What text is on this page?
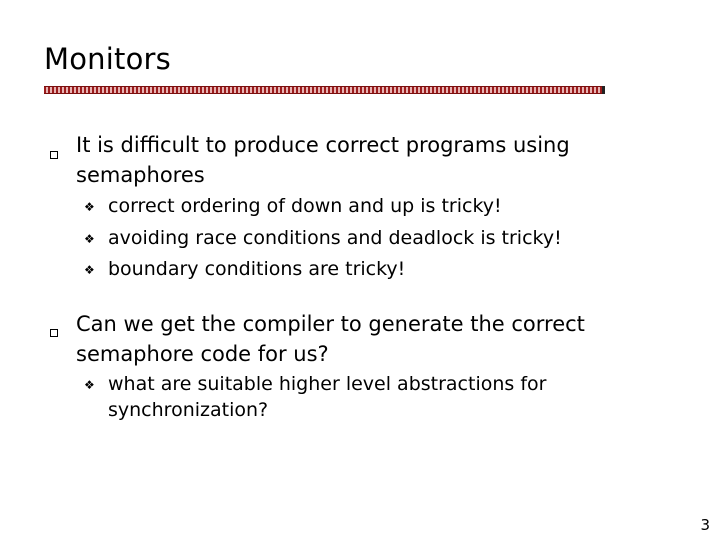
Monitors
It is difficult to produce correct programs using semaphores
❖ correct ordering of down and up is tricky!
❖ avoiding race conditions and deadlock is tricky!
❖ boundary conditions are tricky!
Can we get the compiler to generate the correct semaphore code for us?
❖ what are suitable higher level abstractions for synchronization?
3
